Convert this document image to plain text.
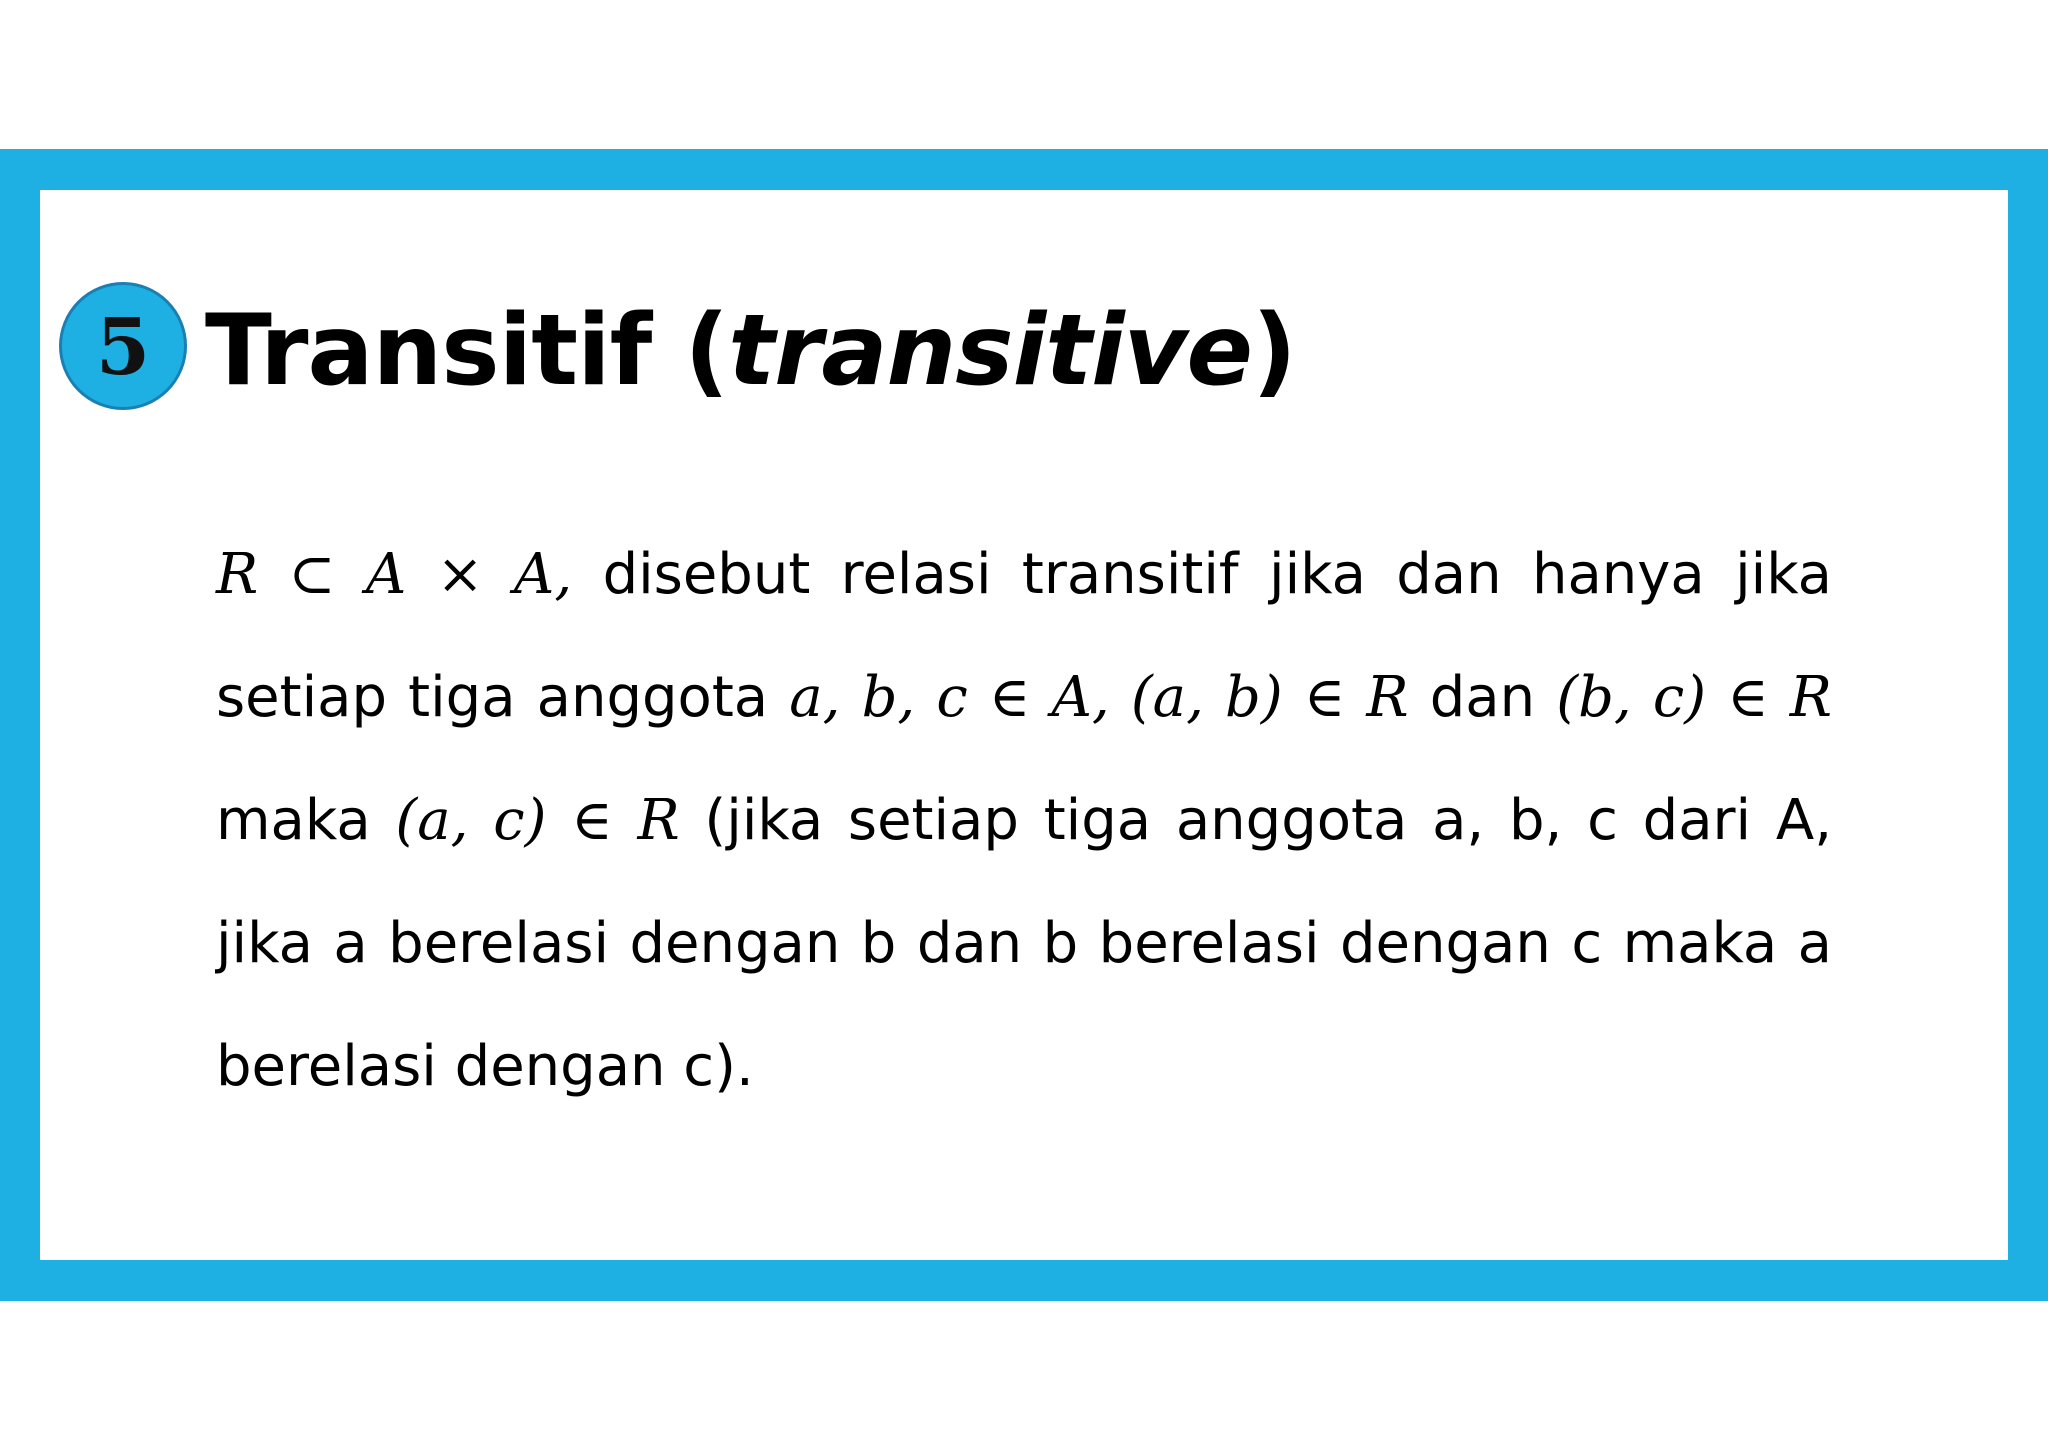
5 Transitif (transitive)
R ⊂ A × A, disebut relasi transitif jika dan hanya jika
setiap tiga anggota a, b, c ∈ A, (a, b) ∈ R dan (b, c) ∈ R
maka (a, c) ∈ R (jika setiap tiga anggota a, b, c dari A,
jika a berelasi dengan b dan b berelasi dengan c maka a
berelasi dengan c).
